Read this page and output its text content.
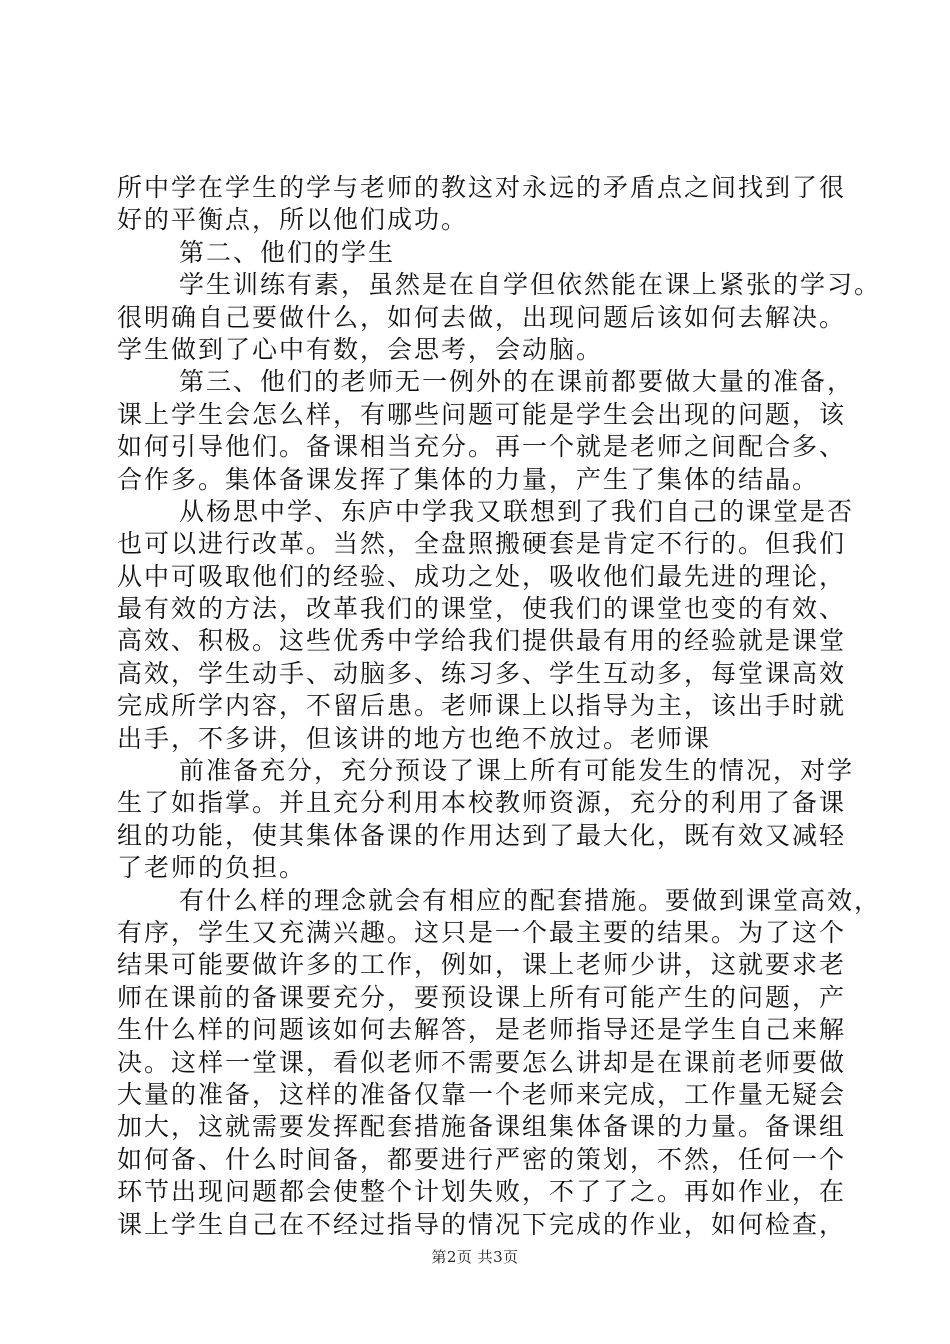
所中学在学生的学与老师的教这对永远的矛盾点之间找到了很
好的平衡点，所以他们成功。
第二、他们的学生
学生训练有素，虽然是在自学但依然能在课上紧张的学习。
很明确自己要做什么，如何去做，出现问题后该如何去解决。
学生做到了心中有数，会思考，会动脑。
第三、他们的老师无一例外的在课前都要做大量的准备，
课上学生会怎么样，有哪些问题可能是学生会出现的问题，该
如何引导他们。备课相当充分。再一个就是老师之间配合多、
合作多。集体备课发挥了集体的力量，产生了集体的结晶。
从杨思中学、东庐中学我又联想到了我们自己的课堂是否
也可以进行改革。当然，全盘照搬硬套是肯定不行的。但我们
从中可吸取他们的经验、成功之处，吸收他们最先进的理论，
最有效的方法，改革我们的课堂，使我们的课堂也变的有效、
高效、积极。这些优秀中学给我们提供最有用的经验就是课堂
高效，学生动手、动脑多、练习多、学生互动多，每堂课高效
完成所学内容，不留后患。老师课上以指导为主，该出手时就
出手，不多讲，但该讲的地方也绝不放过。老师课
前准备充分，充分预设了课上所有可能发生的情况，对学
生了如指掌。并且充分利用本校教师资源，充分的利用了备课
组的功能，使其集体备课的作用达到了最大化，既有效又减轻
了老师的负担。
有什么样的理念就会有相应的配套措施。要做到课堂高效，
有序，学生又充满兴趣。这只是一个最主要的结果。为了这个
结果可能要做许多的工作，例如，课上老师少讲，这就要求老
师在课前的备课要充分，要预设课上所有可能产生的问题，产
生什么样的问题该如何去解答，是老师指导还是学生自己来解
决。这样一堂课，看似老师不需要怎么讲却是在课前老师要做
大量的准备，这样的准备仅靠一个老师来完成，工作量无疑会
加大，这就需要发挥配套措施备课组集体备课的力量。备课组
如何备、什么时间备，都要进行严密的策划，不然，任何一个
环节出现问题都会使整个计划失败，不了了之。再如作业，在
课上学生自己在不经过指导的情况下完成的作业，如何检查，
第2页 共3页
